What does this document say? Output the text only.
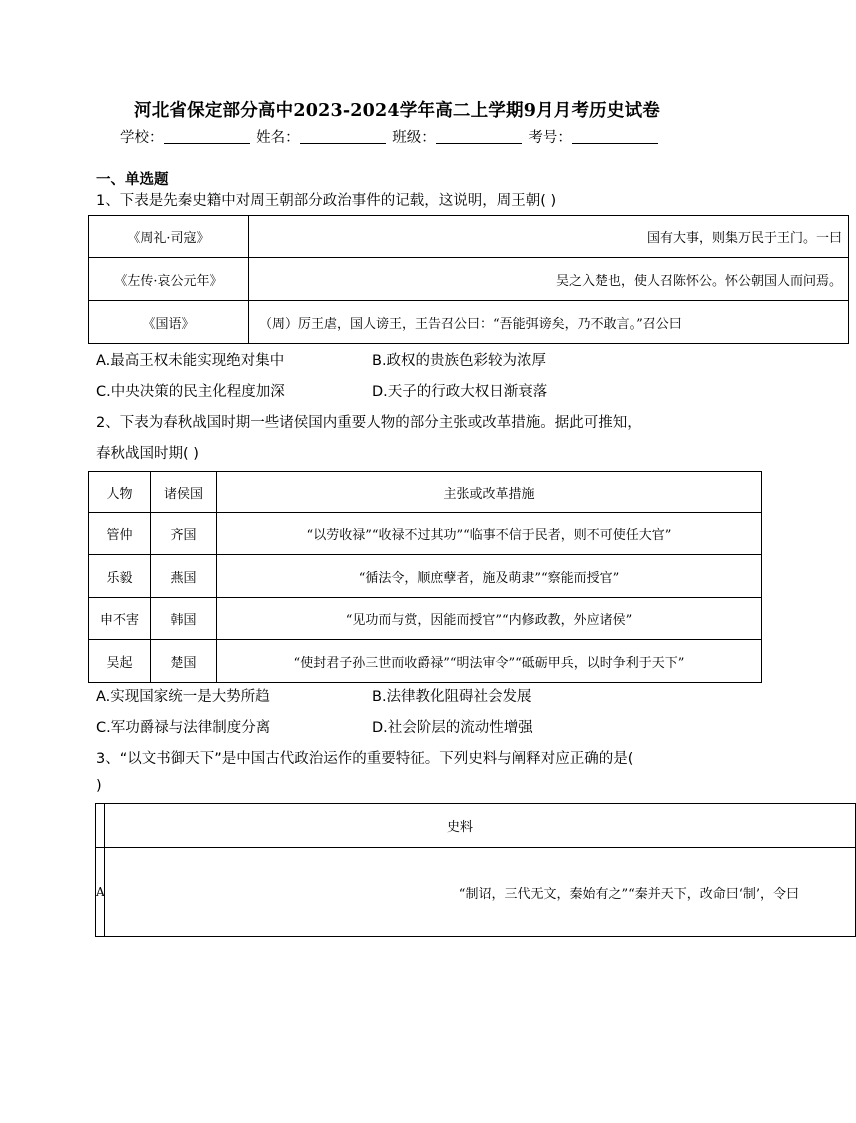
河北省保定部分高中2023-2024学年高二上学期9月月考历史试卷
学校：	姓名：	班级：	考号：
一、单选题
1、下表是先秦史籍中对周王朝部分政治事件的记载，这说明，周王朝( )
《周礼·司寇》	国有大事，则集万民于王门。一曰
《左传·哀公元年》	吴之入楚也，使人召陈怀公。怀公朝国人而问焉。
《国语》	（周）厉王虐，国人谤王，王告召公曰：“吾能弭谤矣，乃不敢言。”召公曰
A.最高王权未能实现绝对集中	B.政权的贵族色彩较为浓厚
C.中央决策的民主化程度加深	D.天子的行政大权日渐衰落
2、下表为春秋战国时期一些诸侯国内重要人物的部分主张或改革措施。据此可推知，
春秋战国时期( )
人物	诸侯国	主张或改革措施
管仲	齐国	“以劳收禄”“收禄不过其功”“临事不信于民者，则不可使任大官”
乐毅	燕国	“循法令，顺庶孽者，施及萌隶”“察能而授官”
申不害	韩国	“见功而与赏，因能而授官”“内修政教，外应诸侯”
吴起	楚国	“使封君子孙三世而收爵禄”“明法审令”“砥砺甲兵，以时争利于天下”
A.实现国家统一是大势所趋	B.法律教化阻碍社会发展
C.军功爵禄与法律制度分离	D.社会阶层的流动性增强
3、“以文书御天下”是中国古代政治运作的重要特征。下列史料与阐释对应正确的是(
)
	史料
A	“制诏，三代无文，秦始有之”“秦并天下，改命曰‘制’，令曰
